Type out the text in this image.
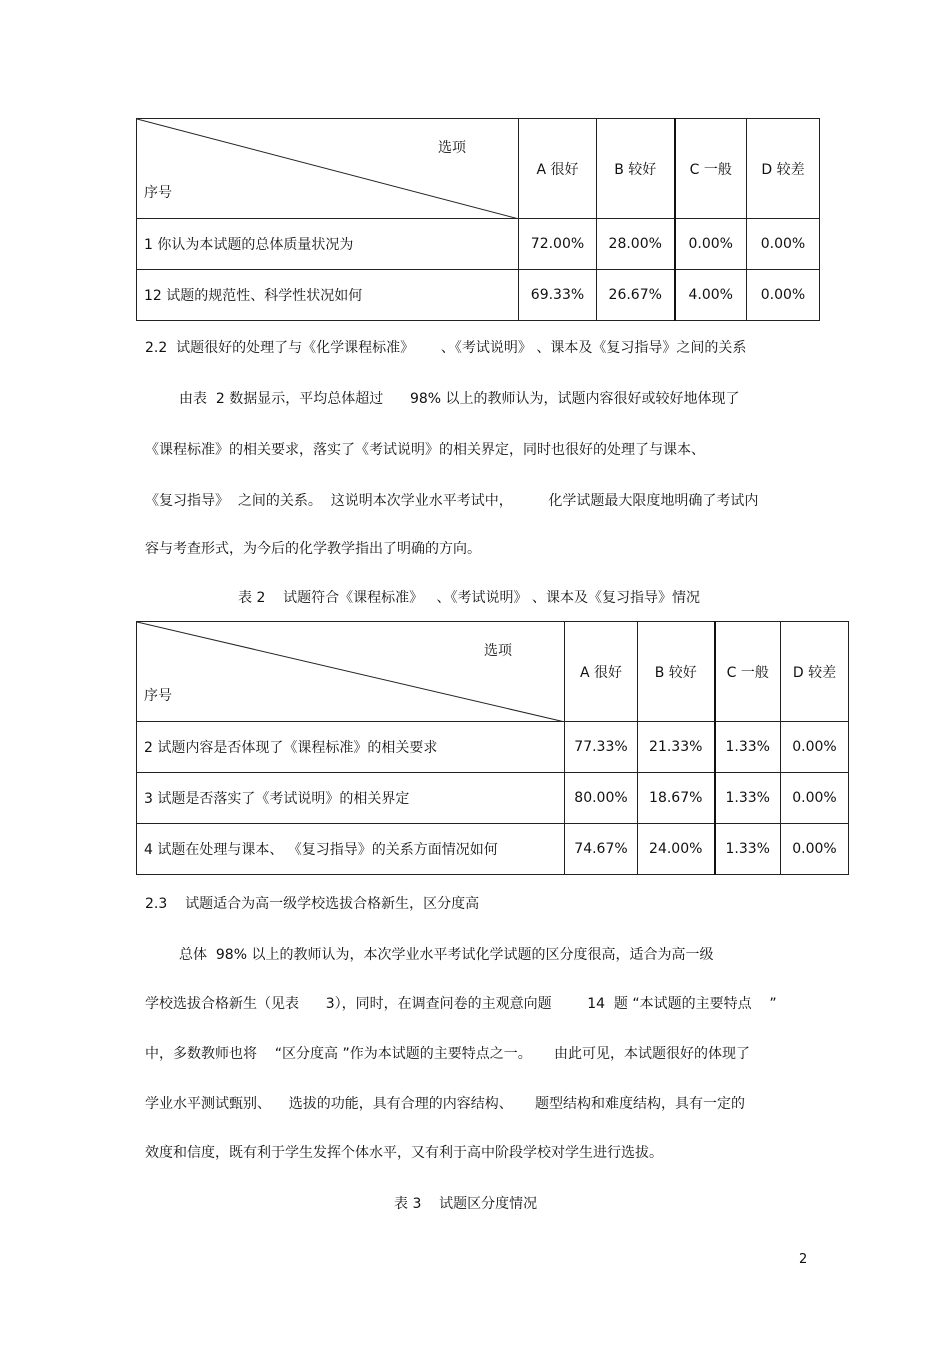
选项
序号	A 很好	B 较好	C 一般	D 较差
1 你认为本试题的总体质量状况为	72.00%	28.00%	0.00%	0.00%
12 试题的规范性、科学性状况如何	69.33%	26.67%	4.00%	0.00%
2.2  试题很好的处理了与《化学课程标准》      、《考试说明》 、课本及《复习指导》之间的关系
由表  2 数据显示，平均总体超过      98% 以上的教师认为，试题内容很好或较好地体现了
《课程标准》的相关要求，落实了《考试说明》的相关界定，同时也很好的处理了与课本、
《复习指导》  之间的关系。  这说明本次学业水平考试中，        化学试题最大限度地明确了考试内
容与考查形式，为今后的化学教学指出了明确的方向。
表 2    试题符合《课程标准》   、《考试说明》 、课本及《复习指导》情况
选项
序号	A 很好	B 较好	C 一般	D 较差
2 试题内容是否体现了《课程标准》的相关要求	77.33%	21.33%	1.33%	0.00%
3 试题是否落实了《考试说明》的相关界定	80.00%	18.67%	1.33%	0.00%
4 试题在处理与课本、 《复习指导》的关系方面情况如何	74.67%	24.00%	1.33%	0.00%
2.3    试题适合为高一级学校选拔合格新生，区分度高
总体  98% 以上的教师认为，本次学业水平考试化学试题的区分度很高，适合为高一级
学校选拔合格新生（见表      3），同时，在调查问卷的主观意向题        14  题 “本试题的主要特点    ”
中，多数教师也将    “区分度高 ”作为本试题的主要特点之一。     由此可见，本试题很好的体现了
学业水平测试甄别、    选拔的功能，具有合理的内容结构、     题型结构和难度结构，具有一定的
效度和信度，既有利于学生发挥个体水平，又有利于高中阶段学校对学生进行选拔。
表 3    试题区分度情况
2
